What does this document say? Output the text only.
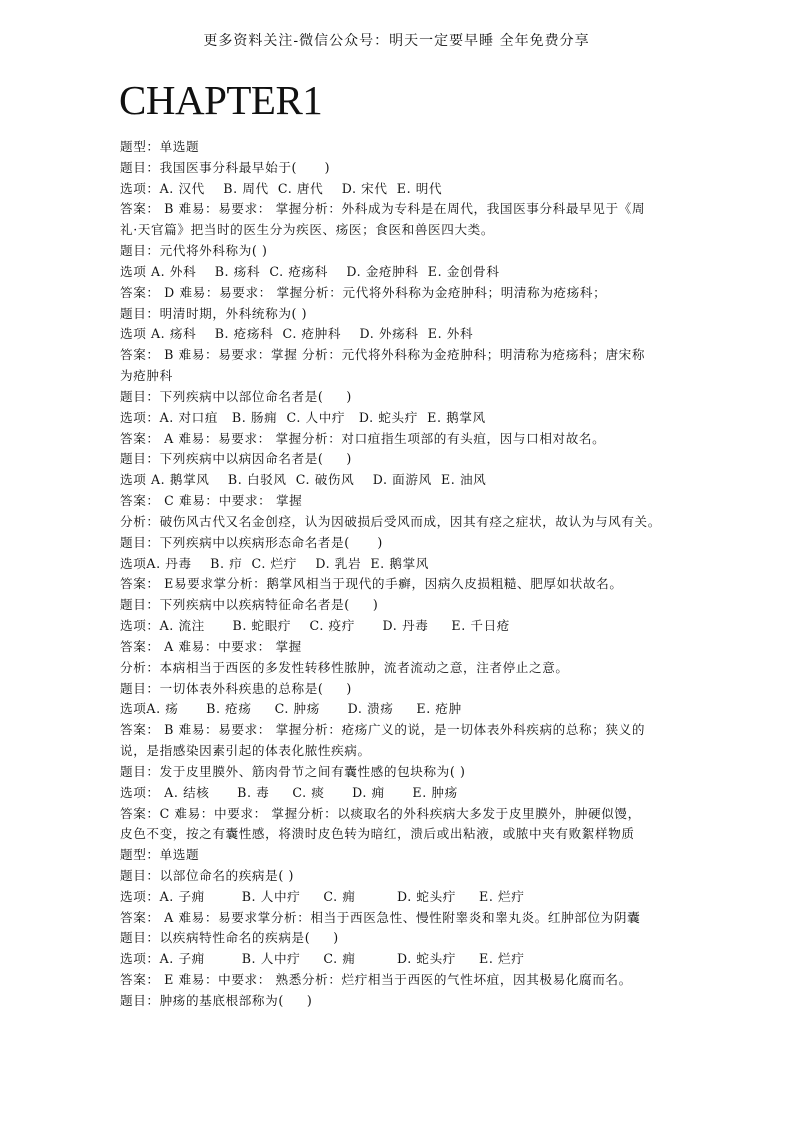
更多资料关注-微信公众号：明天一定要早睡 全年免费分享
CHAPTER1
题型：单选题
题目：我国医事分科最早始于(      )
选项：A. 汉代    B. 周代  C. 唐代    D. 宋代  E. 明代
答案： B 难易：易要求： 掌握分析：外科成为专科是在周代，我国医事分科最早见于《周
礼·天官篇》把当时的医生分为疾医、疡医；食医和兽医四大类。
题目：元代将外科称为( )
选项 A. 外科    B. 疡科  C. 疮疡科    D. 金疮肿科  E. 金创骨科
答案： D 难易：易要求： 掌握分析：元代将外科称为金疮肿科；明清称为疮疡科；
题目：明清时期，外科统称为( )
选项 A. 疡科    B. 疮疡科  C. 疮肿科    D. 外疡科  E. 外科
答案： B 难易：易要求：掌握 分析：元代将外科称为金疮肿科；明清称为疮疡科；唐宋称
为疮肿科
题目：下列疾病中以部位命名者是(     )
选项：A. 对口疽   B. 肠痈  C. 人中疔   D. 蛇头疔  E. 鹅掌风
答案： A 难易：易要求： 掌握分析：对口疽指生项部的有头疽，因与口相对故名。
题目：下列疾病中以病因命名者是(     )
选项 A. 鹅掌风    B. 白驳风  C. 破伤风    D. 面游风  E. 油风
答案： C 难易：中要求： 掌握
分析：破伤风古代又名金创痉，认为因破损后受风而成，因其有痉之症状，故认为与风有关。
题目：下列疾病中以疾病形态命名者是(      )
选项A. 丹毒    B. 疖  C. 烂疔    D. 乳岩  E. 鹅掌风
答案： E易要求掌分析：鹅掌风相当于现代的手癣，因病久皮损粗糙、肥厚如状故名。
题目：下列疾病中以疾病特征命名者是(     )
选项：A. 流注      B. 蛇眼疔    C. 疫疔      D. 丹毒     E. 千日疮
答案： A 难易：中要求： 掌握
分析：本病相当于西医的多发性转移性脓肿，流者流动之意，注者停止之意。
题目：一切体表外科疾患的总称是(     )
选项A. 疡      B. 疮疡     C. 肿疡      D. 溃疡     E. 疮肿
答案： B 难易：易要求： 掌握分析：疮疡广义的说，是一切体表外科疾病的总称；狭义的
说，是指感染因素引起的体表化脓性疾病。
题目：发于皮里膜外、筋肉骨节之间有囊性感的包块称为( )
选项： A. 结核      B. 毒     C. 痰      D. 痈      E. 肿疡
答案：C 难易：中要求： 掌握分析：以痰取名的外科疾病大多发于皮里膜外，肿硬似馒，
皮色不变，按之有囊性感，将溃时皮色转为暗红，溃后或出粘液，或脓中夹有败絮样物质
题型：单选题
题目：以部位命名的疾病是( )
选项：A. 子痈        B. 人中疔     C. 痈         D. 蛇头疔     E. 烂疔
答案： A 难易：易要求掌分析：相当于西医急性、慢性附睾炎和睾丸炎。红肿部位为阴囊
题目：以疾病特性命名的疾病是(     )
选项：A. 子痈        B. 人中疔     C. 痈         D. 蛇头疔     E. 烂疔
答案： E 难易：中要求： 熟悉分析：烂疔相当于西医的气性坏疽，因其极易化腐而名。
题目：肿疡的基底根部称为(     )
